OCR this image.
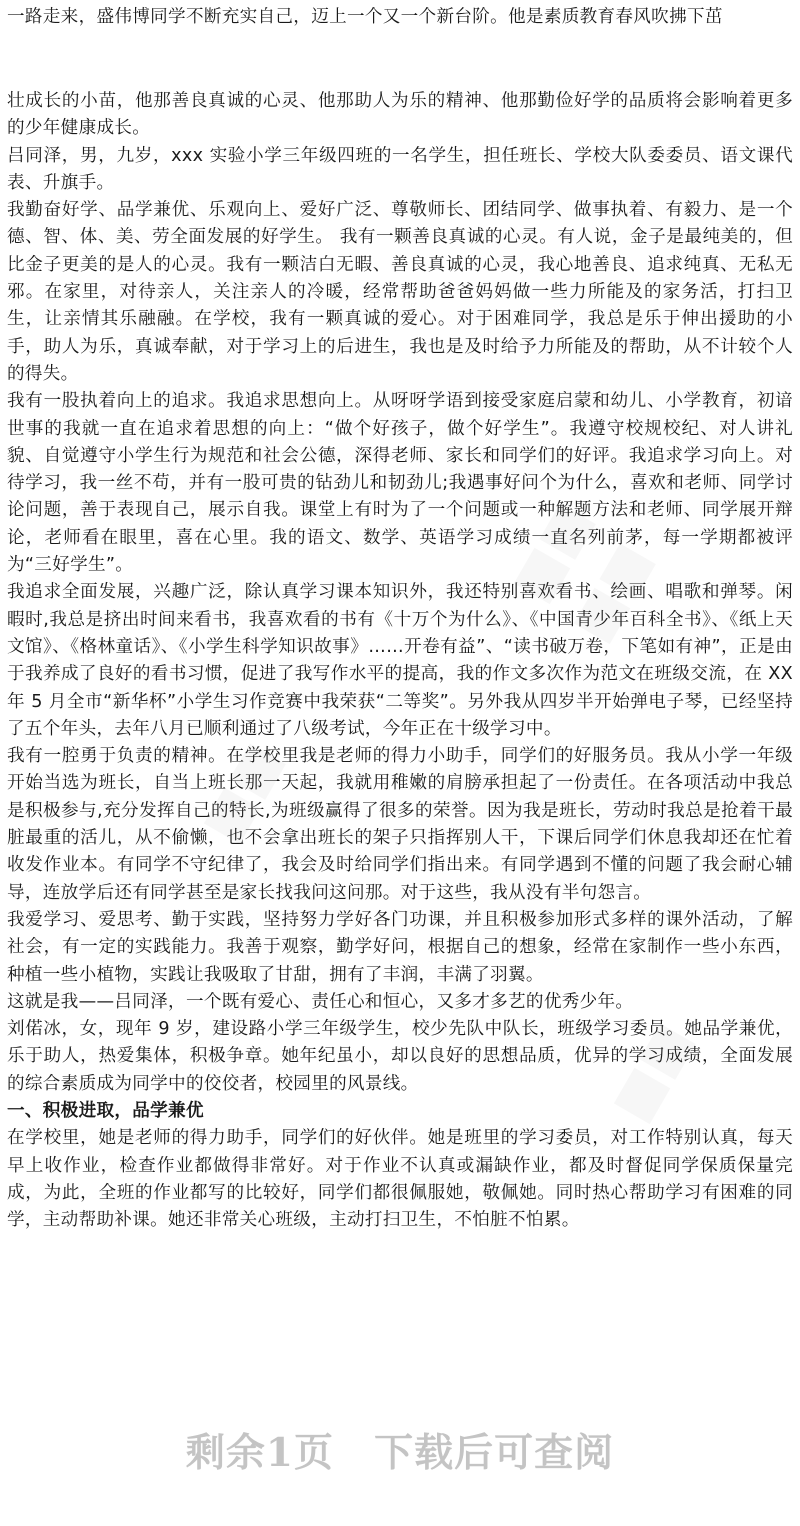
一路走来，盛伟博同学不断充实自己，迈上一个又一个新台阶。他是素质教育春风吹拂下茁

壮成长的小苗，他那善良真诚的心灵、他那助人为乐的精神、他那勤俭好学的品质将会影响着更多的少年健康成长。

吕同泽，男，九岁，xxx 实验小学三年级四班的一名学生，担任班长、学校大队委委员、语文课代表、升旗手。

我勤奋好学、品学兼优、乐观向上、爱好广泛、尊敬师长、团结同学、做事执着、有毅力、是一个德、智、体、美、劳全面发展的好学生。 我有一颗善良真诚的心灵。有人说，金子是最纯美的，但比金子更美的是人的心灵。我有一颗洁白无暇、善良真诚的心灵，我心地善良、追求纯真、无私无邪。在家里，对待亲人，关注亲人的冷暖，经常帮助爸爸妈妈做一些力所能及的家务活，打扫卫生，让亲情其乐融融。在学校，我有一颗真诚的爱心。对于困难同学，我总是乐于伸出援助的小手，助人为乐，真诚奉献，对于学习上的后进生，我也是及时给予力所能及的帮助，从不计较个人的得失。

我有一股执着向上的追求。我追求思想向上。从呀呀学语到接受家庭启蒙和幼儿、小学教育，初谙世事的我就一直在追求着思想的向上：“做个好孩子，做个好学生”。我遵守校规校纪、对人讲礼貌、自觉遵守小学生行为规范和社会公德，深得老师、家长和同学们的好评。我追求学习向上。对待学习，我一丝不苟，并有一股可贵的钻劲儿和韧劲儿;我遇事好问个为什么，喜欢和老师、同学讨论问题，善于表现自己，展示自我。课堂上有时为了一个问题或一种解题方法和老师、同学展开辩论，老师看在眼里，喜在心里。我的语文、数学、英语学习成绩一直名列前茅，每一学期都被评为“三好学生”。

我追求全面发展，兴趣广泛，除认真学习课本知识外，我还特别喜欢看书、绘画、唱歌和弹琴。闲暇时,我总是挤出时间来看书，我喜欢看的书有《十万个为什么》、《中国青少年百科全书》、《纸上天文馆》、《格林童话》、《小学生科学知识故事》……开卷有益”、“读书破万卷，下笔如有神”，正是由于我养成了良好的看书习惯，促进了我写作水平的提高，我的作文多次作为范文在班级交流，在 XX 年 5 月全市“新华杯”小学生习作竞赛中我荣获“二等奖”。另外我从四岁半开始弹电子琴，已经坚持了五个年头，去年八月已顺利通过了八级考试，今年正在十级学习中。

我有一腔勇于负责的精神。在学校里我是老师的得力小助手，同学们的好服务员。我从小学一年级开始当选为班长，自当上班长那一天起，我就用稚嫩的肩膀承担起了一份责任。在各项活动中我总是积极参与,充分发挥自己的特长,为班级赢得了很多的荣誉。因为我是班长，劳动时我总是抢着干最脏最重的活儿，从不偷懒，也不会拿出班长的架子只指挥别人干，下课后同学们休息我却还在忙着收发作业本。有同学不守纪律了，我会及时给同学们指出来。有同学遇到不懂的问题了我会耐心辅导，连放学后还有同学甚至是家长找我问这问那。对于这些，我从没有半句怨言。

我爱学习、爱思考、勤于实践，坚持努力学好各门功课，并且积极参加形式多样的课外活动，了解社会，有一定的实践能力。我善于观察，勤学好问，根据自己的想象，经常在家制作一些小东西，种植一些小植物，实践让我吸取了甘甜，拥有了丰润，丰满了羽翼。

这就是我——吕同泽，一个既有爱心、责任心和恒心，又多才多艺的优秀少年。

刘偌冰，女，现年 9 岁，建设路小学三年级学生，校少先队中队长，班级学习委员。她品学兼优，乐于助人，热爱集体，积极争章。她年纪虽小，却以良好的思想品质，优异的学习成绩，全面发展的综合素质成为同学中的佼佼者，校园里的风景线。

一、积极进取，品学兼优

在学校里，她是老师的得力助手，同学们的好伙伴。她是班里的学习委员，对工作特别认真，每天早上收作业，检查作业都做得非常好。对于作业不认真或漏缺作业，都及时督促同学保质保量完成，为此，全班的作业都写的比较好，同学们都很佩服她，敬佩她。同时热心帮助学习有困难的同学，主动帮助补课。她还非常关心班级，主动打扫卫生，不怕脏不怕累。

■■
■■
■■
■■
剩余1页 下载后可查阅
